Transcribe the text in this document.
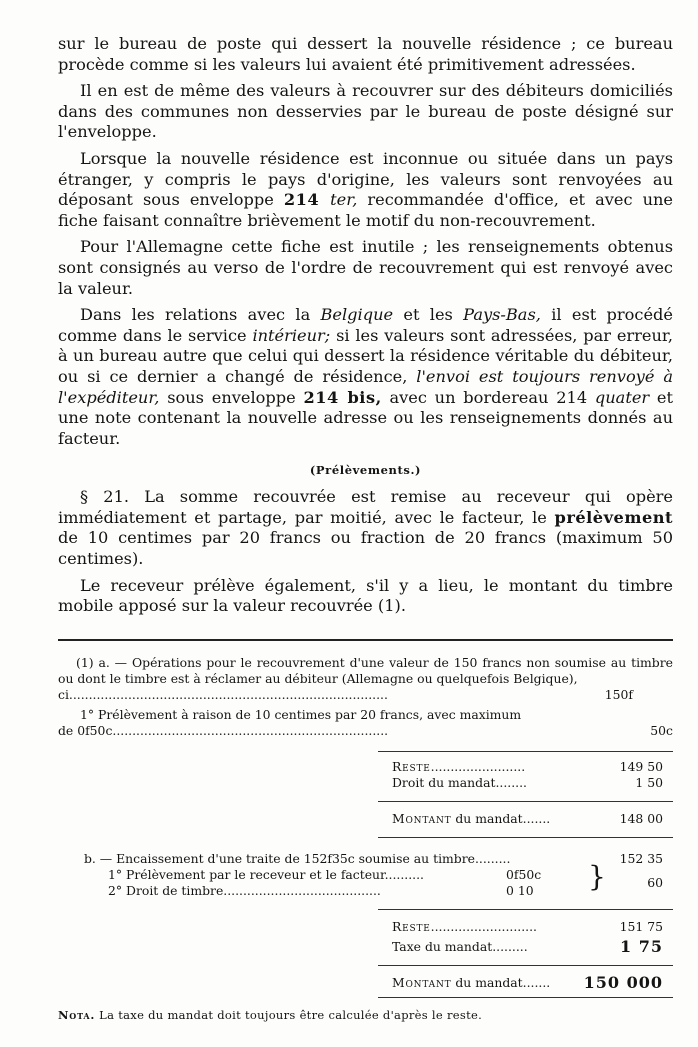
sur le bureau de poste qui dessert la nouvelle résidence ; ce bureau procède comme si les valeurs lui avaient été primitivement adressées.

Il en est de même des valeurs à recouvrer sur des débiteurs domiciliés dans des communes non desservies par le bureau de poste désigné sur l'enveloppe.

Lorsque la nouvelle résidence est inconnue ou située dans un pays étranger, y compris le pays d'origine, les valeurs sont renvoyées au déposant sous enveloppe 214 ter, recommandée d'office, et avec une fiche faisant connaître brièvement le motif du non-recouvrement.

Pour l'Allemagne cette fiche est inutile ; les renseignements obtenus sont consignés au verso de l'ordre de recouvrement qui est renvoyé avec la valeur.

Dans les relations avec la Belgique et les Pays-Bas, il est procédé comme dans le service intérieur; si les valeurs sont adressées, par erreur, à un bureau autre que celui qui dessert la résidence véritable du débiteur, ou si ce dernier a changé de résidence, l'envoi est toujours renvoyé à l'expéditeur, sous enveloppe 214 bis, avec un bordereau 214 quater et une note contenant la nouvelle adresse ou les renseignements donnés au facteur.

(Prélèvements.)

§ 21. La somme recouvrée est remise au receveur qui opère immédiatement et partage, par moitié, avec le facteur, le prélèvement de 10 centimes par 20 francs ou fraction de 20 francs (maximum 50 centimes).

Le receveur prélève également, s'il y a lieu, le montant du timbre mobile apposé sur la valeur recouvrée (1).

(1) a. — Opérations pour le recouvrement d'une valeur de 150 francs non soumise au timbre ou dont le timbre est à réclamer au débiteur (Allemagne ou quelquefois Belgique),

ci.................................................................................	150f
1° Prélèvement à raison de 10 centimes par 20 francs, avec maximum
de 0f50c......................................................................	50c
Reste........................	149 50
Droit du mandat........	1 50
Montant du mandat.......	148 00
b. — Encaissement d'une traite de 152f35c soumise au timbre.........	152 35
1° Prélèvement par le receveur et le facteur..........	0f50c }
2° Droit de timbre........................................	0 10
60
Reste...........................	151 75
Taxe du mandat.........	1 75
Montant du mandat....... 150 000
Nota. La taxe du mandat doit toujours être calculée d'après le reste.
